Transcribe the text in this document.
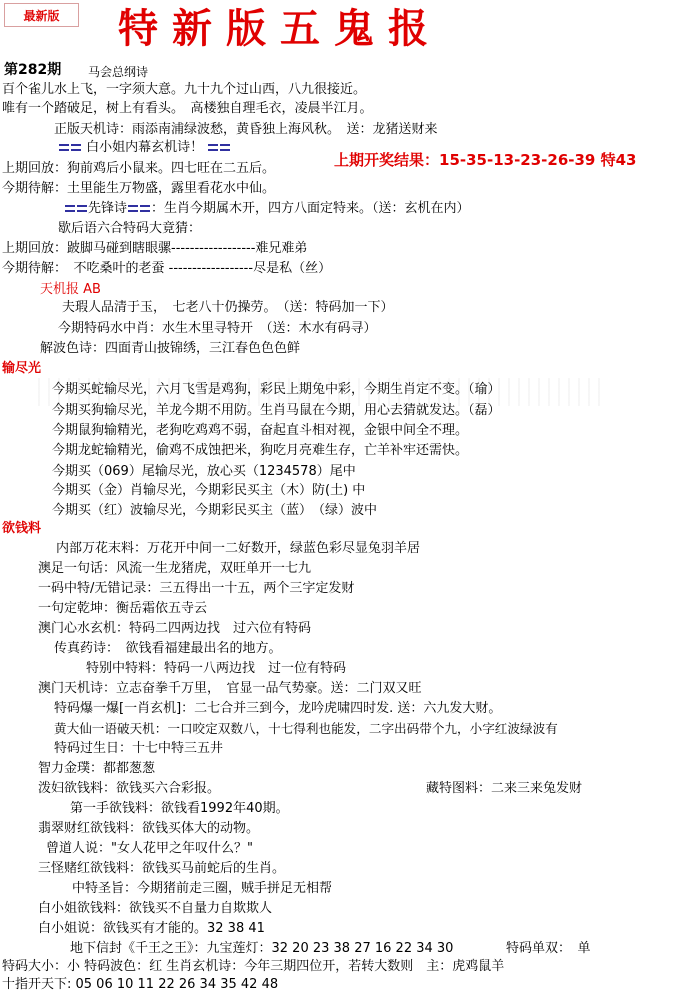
最新版	特新版五鬼报
第282期 马会总纲诗
百个雀儿水上飞，一字须大意。九十九个过山西，八九很接近。
唯有一个踏破足，树上有看头。　高楼独自理毛衣，凌晨半江月。
正版天机诗：雨添南浦绿波愁，黄昏独上海风秋。　送：龙猪送财来
白小姐内幕玄机诗！
上期开奖结果：15-35-13-23-26-39 特43
上期回放：狗前鸡后小鼠来。四七旺在二五后。
今期待解：土里能生万物盛，露里看花水中仙。
先锋诗 ：生肖今期属木开，四方八面定特来。（送：玄机在内）
歇后语六合特码大竟猜：
上期回放：跛脚马碰到瞎眼骡------------------难兄难弟
今期待解：　不吃桑叶的老蚕 ------------------尽是私（丝）
天机报 AB
夫瑕人品清于玉，　七老八十仍操劳。　（送：特码加一下）
今期特码水中肖：水生木里寻特开　（送：木水有码寻）
解波色诗：四面青山披锦绣，三江春色色色鲜
输尽光
今期买蛇输尽光，六月飞雪是鸡狗，彩民上期兔中彩，今期生肖定不变。（瑜）
今期买狗输尽光，羊龙今期不用防。生肖马鼠在今期，用心去猜就发达。（磊）
今期鼠狗输精光，老狗吃鸡鸡不弱，奋起直斗相对视，金银中间全不理。
今期龙蛇输精光，偷鸡不成蚀把米，狗吃月亮难生存，亡羊补牢还需快。
今期买（069）尾输尽光，放心买（1234578）尾中
今期买（金）肖输尽光，今期彩民买主（木）防(土) 中
今期买（红）波输尽光，今期彩民买主（蓝）　（绿）波中
欲钱料
内部万花末料：万花开中间一二好数开，绿蓝色彩尽显兔羽羊居
澳足一句话：风流一生龙猪虎，双旺单开一七九
一码中特/无错记录：三五得出一十五，两个三字定发财
一句定乾坤：衡岳霜依五寺云
澳门心水玄机：特码二四两边找　过六位有特码
传真药诗：　欲钱看福建最出名的地方。
特别中特料：特码一八两边找　过一位有特码
澳门天机诗：立志奋拳千万里，　官显一品气势豪。送：二门双又旺
特码爆一爆[一肖玄机]：二七合并三到今，龙吟虎啸四时发. 送：六九发大财。
黄大仙一语破天机：一口咬定双数八，十七得利也能发，二字出码带个九，小字红波绿波有
特码过生日：十七中特三五井
智力金璞：都都葱葱
泼妇欲钱料：欲钱买六合彩报。	藏特图料：二来三来兔发财
第一手欲钱料：欲钱看1992年40期。
翡翠财红欲钱料：欲钱买体大的动物。
曾道人说："女人花甲之年叹什么？"
三怪赌红欲钱料：欲钱买马前蛇后的生肖。
中特圣旨：今期猪前走三圈，贼手拼足无相帮
白小姐欲钱料：欲钱买不自量力自欺欺人
白小姐说：欲钱买有才能的。32 38 41
地下信封《千王之王》：九宝莲灯：32 20 23 38 27 16 22 34 30	特码单双：　单
特码大小：小 特码波色：红 生肖玄机诗：今年三期四位开，若转大数则　主：虎鸡鼠羊
十指开天下: 05 06 10 11 22 26 34 35 42 48
